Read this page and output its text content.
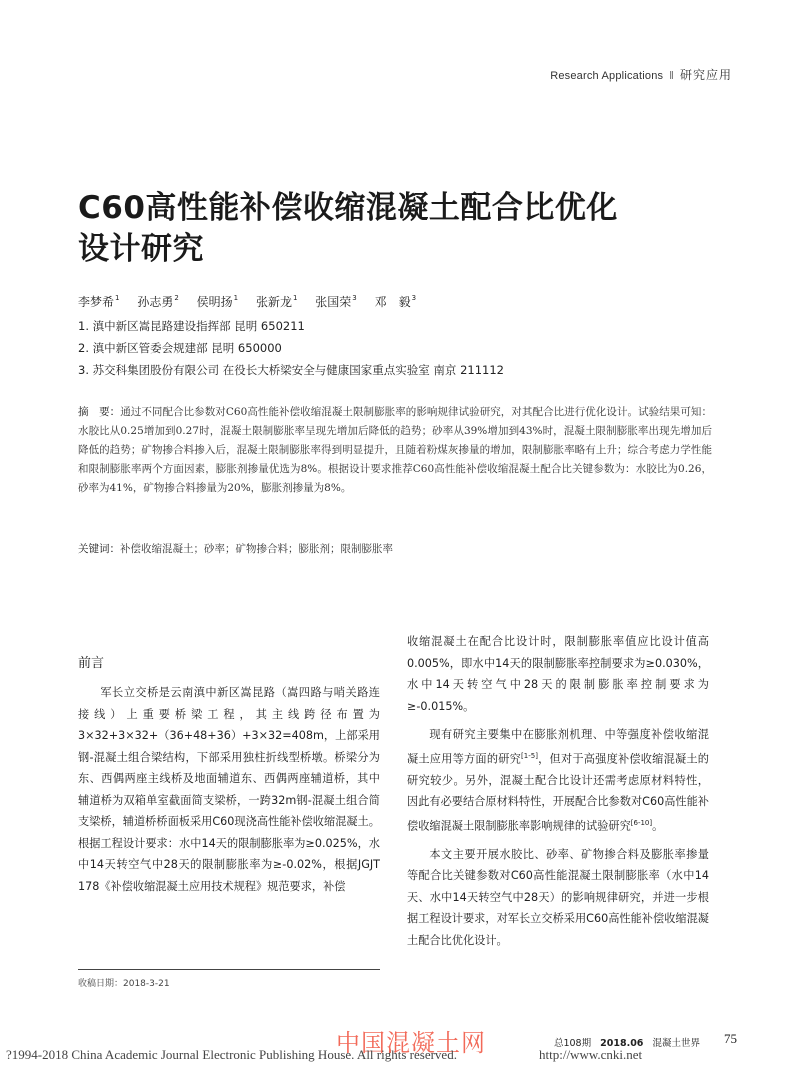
Research Applications ‖ 研究应用
C60高性能补偿收缩混凝土配合比优化
设计研究
李梦希$^1$ 孙志勇$^2$ 侯明扬$^1$ 张新龙$^1$ 张国荣$^3$ 邓　毅$^3$
1. 滇中新区嵩昆路建设指挥部 昆明 650211
2. 滇中新区管委会规建部 昆明 650000
3. 苏交科集团股份有限公司 在役长大桥梁安全与健康国家重点实验室 南京 211112
摘　要：通过不同配合比参数对C60高性能补偿收缩混凝土限制膨胀率的影响规律试验研究，对其配合比进行优化设计。试验结果可知：水胶比从0.25增加到0.27时，混凝土限制膨胀率呈现先增加后降低的趋势；砂率从39%增加到43%时，混凝土限制膨胀率出现先增加后降低的趋势；矿物掺合料掺入后，混凝土限制膨胀率得到明显提升，且随着粉煤灰掺量的增加，限制膨胀率略有上升；综合考虑力学性能和限制膨胀率两个方面因素，膨胀剂掺量优选为8%。根据设计要求推荐C60高性能补偿收缩混凝土配合比关键参数为：水胶比为0.26，砂率为41%，矿物掺合料掺量为20%，膨胀剂掺量为8%。
关键词：补偿收缩混凝土；砂率；矿物掺合料；膨胀剂；限制膨胀率
前言

军长立交桥是云南滇中新区嵩昆路（嵩四路与哨关路连接线）上重要桥梁工程，其主线跨径布置为3×32+3×32+（36+48+36）+3×32=408m，上部采用钢-混凝土组合梁结构，下部采用独柱折线型桥墩。桥梁分为东、西偶两座主线桥及地面辅道东、西偶两座辅道桥，其中辅道桥为双箱单室截面简支梁桥，一跨32m钢-混凝土组合简支梁桥，辅道桥桥面板采用C60现浇高性能补偿收缩混凝土。根据工程设计要求：水中14天的限制膨胀率为≥0.025%，水中14天转空气中28天的限制膨胀率为≥-0.02%，根据JGJT 178《补偿收缩混凝土应用技术规程》规范要求，补偿

收缩混凝土在配合比设计时，限制膨胀率值应比设计值高0.005%，即水中14天的限制膨胀率控制要求为≥0.030%，水中14天转空气中28天的限制膨胀率控制要求为≥-0.015%。

现有研究主要集中在膨胀剂机理、中等强度补偿收缩混凝土应用等方面的研究[1-5]，但对于高强度补偿收缩混凝土的研究较少。另外，混凝土配合比设计还需考虑原材料特性，因此有必要结合原材料特性，开展配合比参数对C60高性能补偿收缩混凝土限制膨胀率影响规律的试验研究[6-10]。

本文主要开展水胶比、砂率、矿物掺合料及膨胀率掺量等配合比关键参数对C60高性能混凝土限制膨胀率（水中14天、水中14天转空气中28天）的影响规律研究，并进一步根据工程设计要求，对军长立交桥采用C60高性能补偿收缩混凝土配合比优化设计。

收稿日期：2018-3-21
中国混凝土网	总108期 2018.06 混凝土世界 75
?1994-2018 China Academic Journal Electronic Publishing House. All rights reserved.	http://www.cnki.net
